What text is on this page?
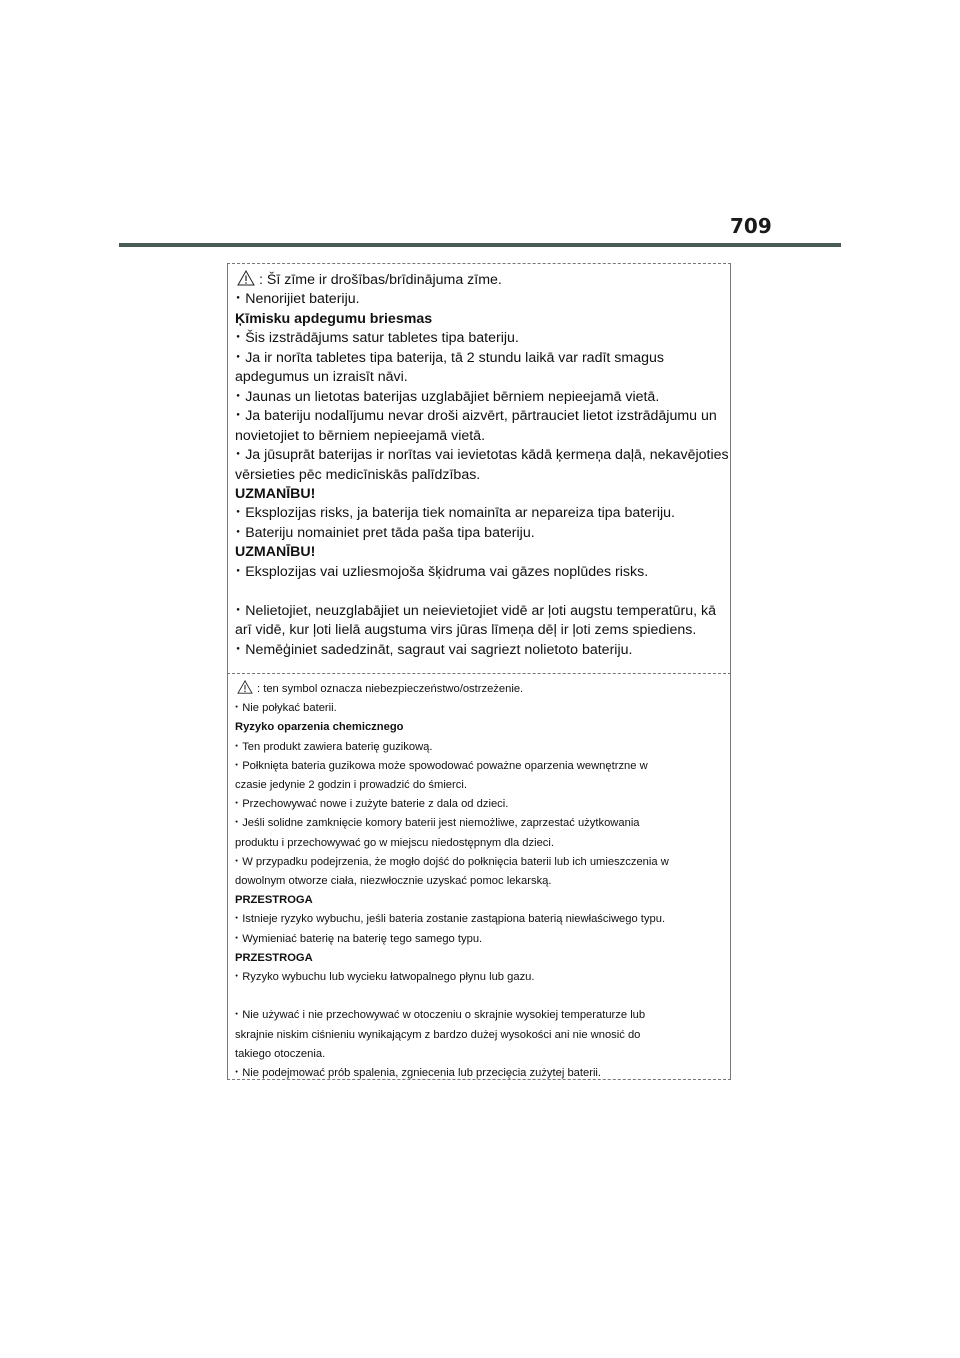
709
: Šī zīme ir drošības/brīdinājuma zīme.
・ Nenorijiet bateriju.
Ķīmisku apdegumu briesmas
・ Šis izstrādājums satur tabletes tipa bateriju.
・ Ja ir norīta tabletes tipa baterija, tā 2 stundu laikā var radīt smagus
apdegumus un izraisīt nāvi.
・ Jaunas un lietotas baterijas uzglabājiet bērniem nepieejamā vietā.
・ Ja bateriju nodalījumu nevar droši aizvērt, pārtrauciet lietot izstrādājumu un
novietojiet to bērniem nepieejamā vietā.
・ Ja jūsuprāt baterijas ir norītas vai ievietotas kādā ķermeņa daļā, nekavējoties
vērsieties pēc medicīniskās palīdzības.
UZMANĪBU!
・ Eksplozijas risks, ja baterija tiek nomainīta ar nepareiza tipa bateriju.
・ Bateriju nomainiet pret tāda paša tipa bateriju.
UZMANĪBU!
・ Eksplozijas vai uzliesmojoša šķidruma vai gāzes noplūdes risks.
・ Nelietojiet, neuzglabājiet un neievietojiet vidē ar ļoti augstu temperatūru, kā
arī vidē, kur ļoti lielā augstuma virs jūras līmeņa dēļ ir ļoti zems spiediens.
・ Nemēģiniet sadedzināt, sagraut vai sagriezt nolietoto bateriju.
: ten symbol oznacza niebezpieczeństwo/ostrzeżenie.
・ Nie połykać baterii.
Ryzyko oparzenia chemicznego
・ Ten produkt zawiera baterię guzikową.
・ Połknięta bateria guzikowa może spowodować poważne oparzenia wewnętrzne w
czasie jedynie 2 godzin i prowadzić do śmierci.
・ Przechowywać nowe i zużyte baterie z dala od dzieci.
・ Jeśli solidne zamknięcie komory baterii jest niemożliwe, zaprzestać użytkowania
produktu i przechowywać go w miejscu niedostępnym dla dzieci.
・ W przypadku podejrzenia, że mogło dojść do połknięcia baterii lub ich umieszczenia w
dowolnym otworze ciała, niezwłocznie uzyskać pomoc lekarską.
PRZESTROGA
・ Istnieje ryzyko wybuchu, jeśli bateria zostanie zastąpiona baterią niewłaściwego typu.
・ Wymieniać baterię na baterię tego samego typu.
PRZESTROGA
・ Ryzyko wybuchu lub wycieku łatwopalnego płynu lub gazu.
・ Nie używać i nie przechowywać w otoczeniu o skrajnie wysokiej temperaturze lub
skrajnie niskim ciśnieniu wynikającym z bardzo dużej wysokości ani nie wnosić do
takiego otoczenia.
・ Nie podejmować prób spalenia, zgniecenia lub przecięcia zużytej baterii.
